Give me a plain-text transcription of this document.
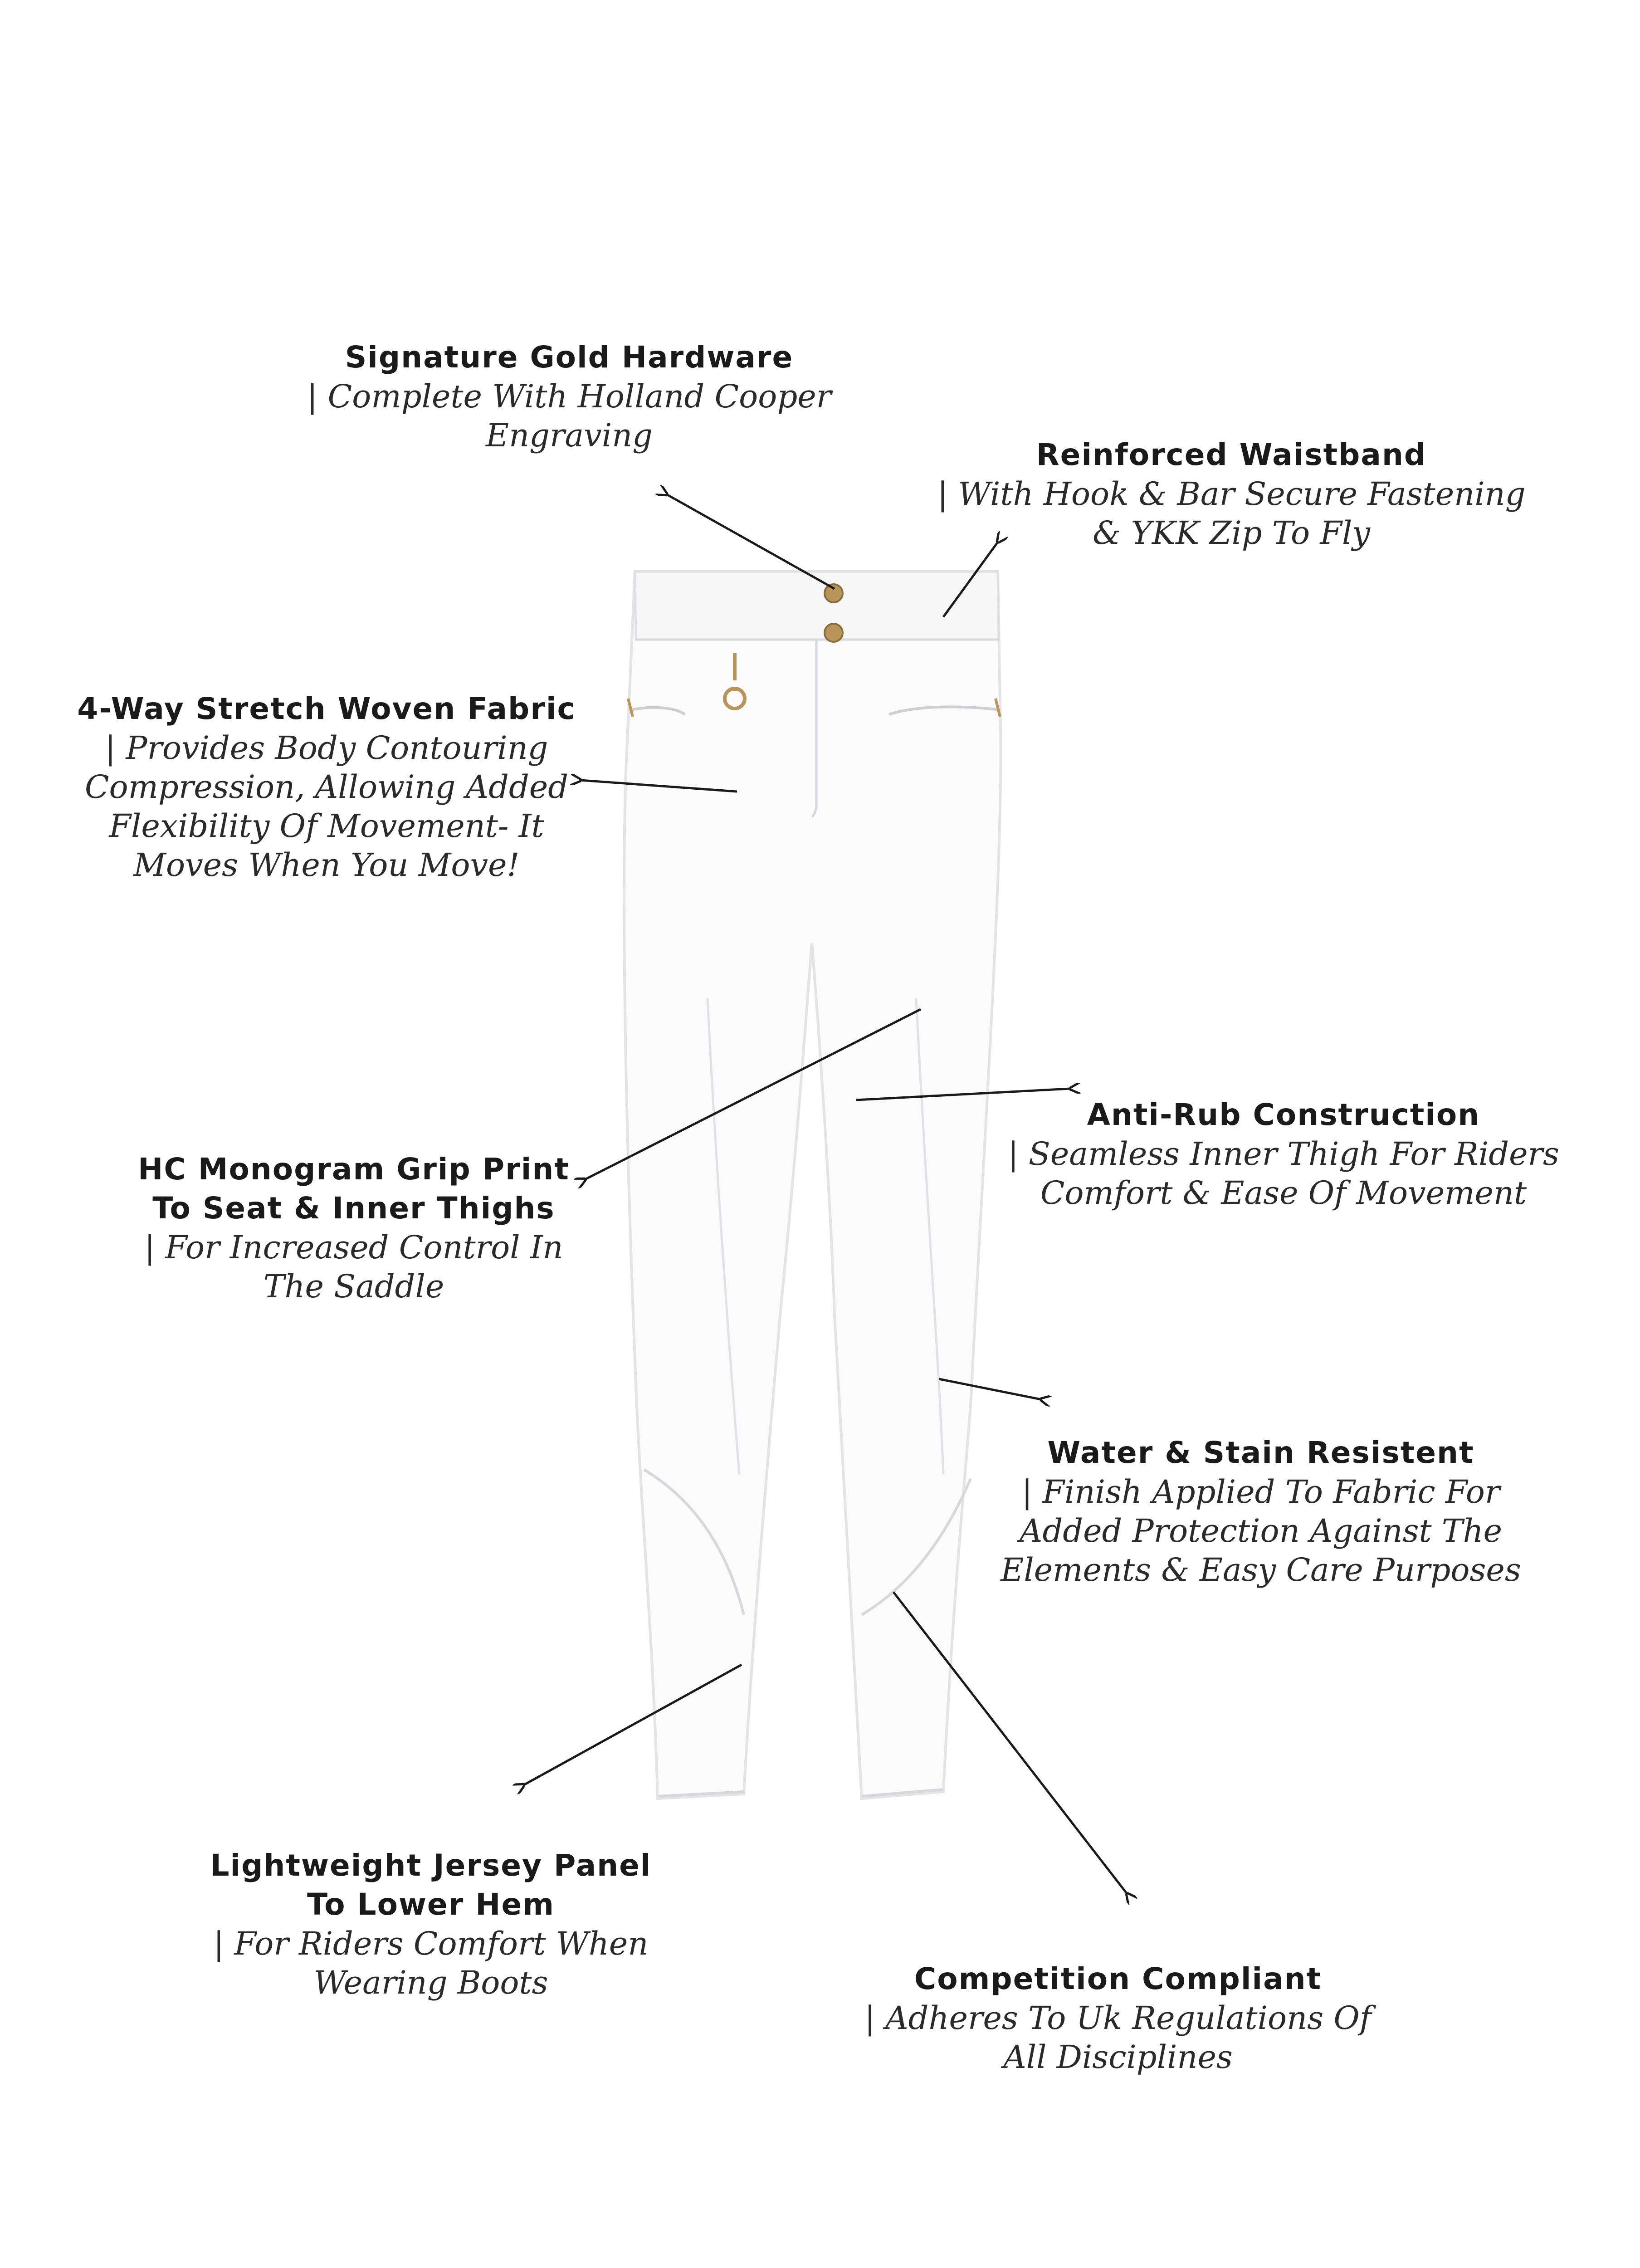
Signature Gold Hardware
| Complete With Holland Cooper
Engraving
Reinforced Waistband
| With Hook & Bar Secure Fastening
& YKK Zip To Fly
4-Way Stretch Woven Fabric
| Provides Body Contouring
Compression, Allowing Added
Flexibility Of Movement- It
Moves When You Move!
Anti-Rub Construction
| Seamless Inner Thigh For Riders
Comfort & Ease Of Movement
HC Monogram Grip Print
To Seat & Inner Thighs
| For Increased Control In
The Saddle
Water & Stain Resistent
| Finish Applied To Fabric For
Added Protection Against The
Elements & Easy Care Purposes
Lightweight Jersey Panel
To Lower Hem
| For Riders Comfort When
Wearing Boots	Competition Compliant
| Adheres To Uk Regulations Of
All Disciplines
